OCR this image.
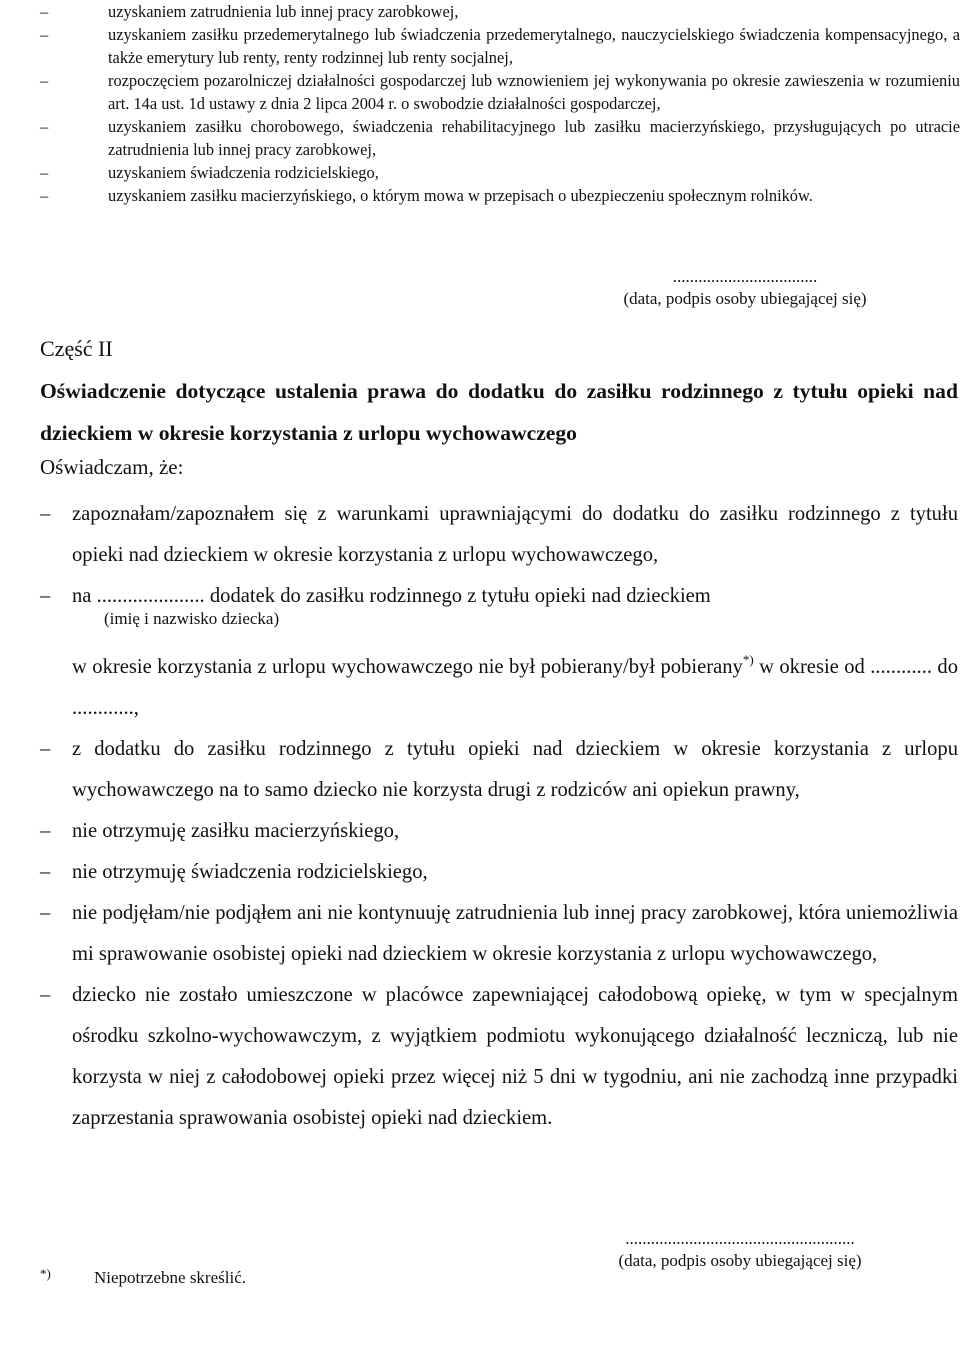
–	uzyskaniem zatrudnienia lub innej pracy zarobkowej,
–	uzyskaniem zasiłku przedemerytalnego lub świadczenia przedemerytalnego, nauczycielskiego świadczenia kompensacyjnego, a także emerytury lub renty, renty rodzinnej lub renty socjalnej,
–	rozpoczęciem pozarolniczej działalności gospodarczej lub wznowieniem jej wykonywania po okresie zawieszenia w rozumieniu art. 14a ust. 1d ustawy z dnia 2 lipca 2004 r. o swobodzie działalności gospodarczej,
–	uzyskaniem zasiłku chorobowego, świadczenia rehabilitacyjnego lub zasiłku macierzyńskiego, przysługujących po utracie zatrudnienia lub innej pracy zarobkowej,
–	uzyskaniem świadczenia rodzicielskiego,
–	uzyskaniem zasiłku macierzyńskiego, o którym mowa w przepisach o ubezpieczeniu społecznym rolników.
..................................
(data, podpis osoby ubiegającej się)
Część II
Oświadczenie dotyczące ustalenia prawa do dodatku do zasiłku rodzinnego z tytułu opieki nad dzieckiem w okresie korzystania z urlopu wychowawczego
Oświadczam, że:
– zapoznałam/zapoznałem się z warunkami uprawniającymi do dodatku do zasiłku rodzinnego z tytułu opieki nad dzieckiem w okresie korzystania z urlopu wychowawczego,
– na ..................... dodatek do zasiłku rodzinnego z tytułu opieki nad dzieckiem
w okresie korzystania z urlopu wychowawczego nie był pobierany/był pobierany*) w okresie od ............ do ............,
– z dodatku do zasiłku rodzinnego z tytułu opieki nad dzieckiem w okresie korzystania z urlopu wychowawczego na to samo dziecko nie korzysta drugi z rodziców ani opiekun prawny,
– nie otrzymuję zasiłku macierzyńskiego,
– nie otrzymuję świadczenia rodzicielskiego,
– nie podjęłam/nie podjąłem ani nie kontynuuję zatrudnienia lub innej pracy zarobkowej, która uniemożliwia mi sprawowanie osobistej opieki nad dzieckiem w okresie korzystania z urlopu wychowawczego,
– dziecko nie zostało umieszczone w placówce zapewniającej całodobową opiekę, w tym w specjalnym ośrodku szkolno-wychowawczym, z wyjątkiem podmiotu wykonującego działalność leczniczą, lub nie korzysta w niej z całodobowej opieki przez więcej niż 5 dni w tygodniu, ani nie zachodzą inne przypadki zaprzestania sprawowania osobistej opieki nad dzieckiem.
(imię i nazwisko dziecka)
......................................................
(data, podpis osoby ubiegającej się)
*)	Niepotrzebne skreślić.
